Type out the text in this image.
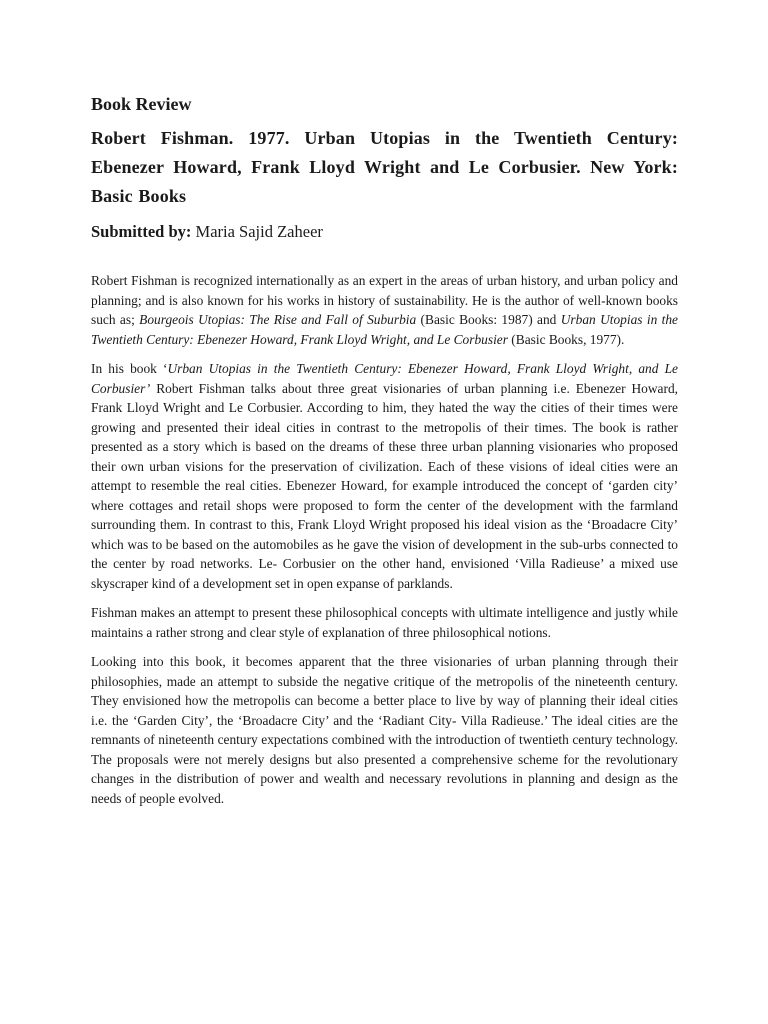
Book Review
Robert Fishman. 1977. Urban Utopias in the Twentieth Century: Ebenezer Howard, Frank Lloyd Wright and Le Corbusier. New York: Basic Books
Submitted by: Maria Sajid Zaheer

Robert Fishman is recognized internationally as an expert in the areas of urban history, and urban policy and planning; and is also known for his works in history of sustainability. He is the author of well-known books such as; Bourgeois Utopias: The Rise and Fall of Suburbia (Basic Books: 1987) and Urban Utopias in the Twentieth Century: Ebenezer Howard, Frank Lloyd Wright, and Le Corbusier (Basic Books, 1977).

In his book ‘Urban Utopias in the Twentieth Century: Ebenezer Howard, Frank Lloyd Wright, and Le Corbusier’ Robert Fishman talks about three great visionaries of urban planning i.e. Ebenezer Howard, Frank Lloyd Wright and Le Corbusier. According to him, they hated the way the cities of their times were growing and presented their ideal cities in contrast to the metropolis of their times. The book is rather presented as a story which is based on the dreams of these three urban planning visionaries who proposed their own urban visions for the preservation of civilization. Each of these visions of ideal cities were an attempt to resemble the real cities. Ebenezer Howard, for example introduced the concept of ‘garden city’ where cottages and retail shops were proposed to form the center of the development with the farmland surrounding them. In contrast to this, Frank Lloyd Wright proposed his ideal vision as the ‘Broadacre City’ which was to be based on the automobiles as he gave the vision of development in the sub-urbs connected to the center by road networks. Le- Corbusier on the other hand, envisioned ‘Villa Radieuse’ a mixed use skyscraper kind of a development set in open expanse of parklands.

Fishman makes an attempt to present these philosophical concepts with ultimate intelligence and justly while maintains a rather strong and clear style of explanation of three philosophical notions.

Looking into this book, it becomes apparent that the three visionaries of urban planning through their philosophies, made an attempt to subside the negative critique of the metropolis of the nineteenth century. They envisioned how the metropolis can become a better place to live by way of planning their ideal cities i.e. the ‘Garden City’, the ‘Broadacre City’ and the ‘Radiant City- Villa Radieuse.’ The ideal cities are the remnants of nineteenth century expectations combined with the introduction of twentieth century technology. The proposals were not merely designs but also presented a comprehensive scheme for the revolutionary changes in the distribution of power and wealth and necessary revolutions in planning and design as the needs of people evolved.
